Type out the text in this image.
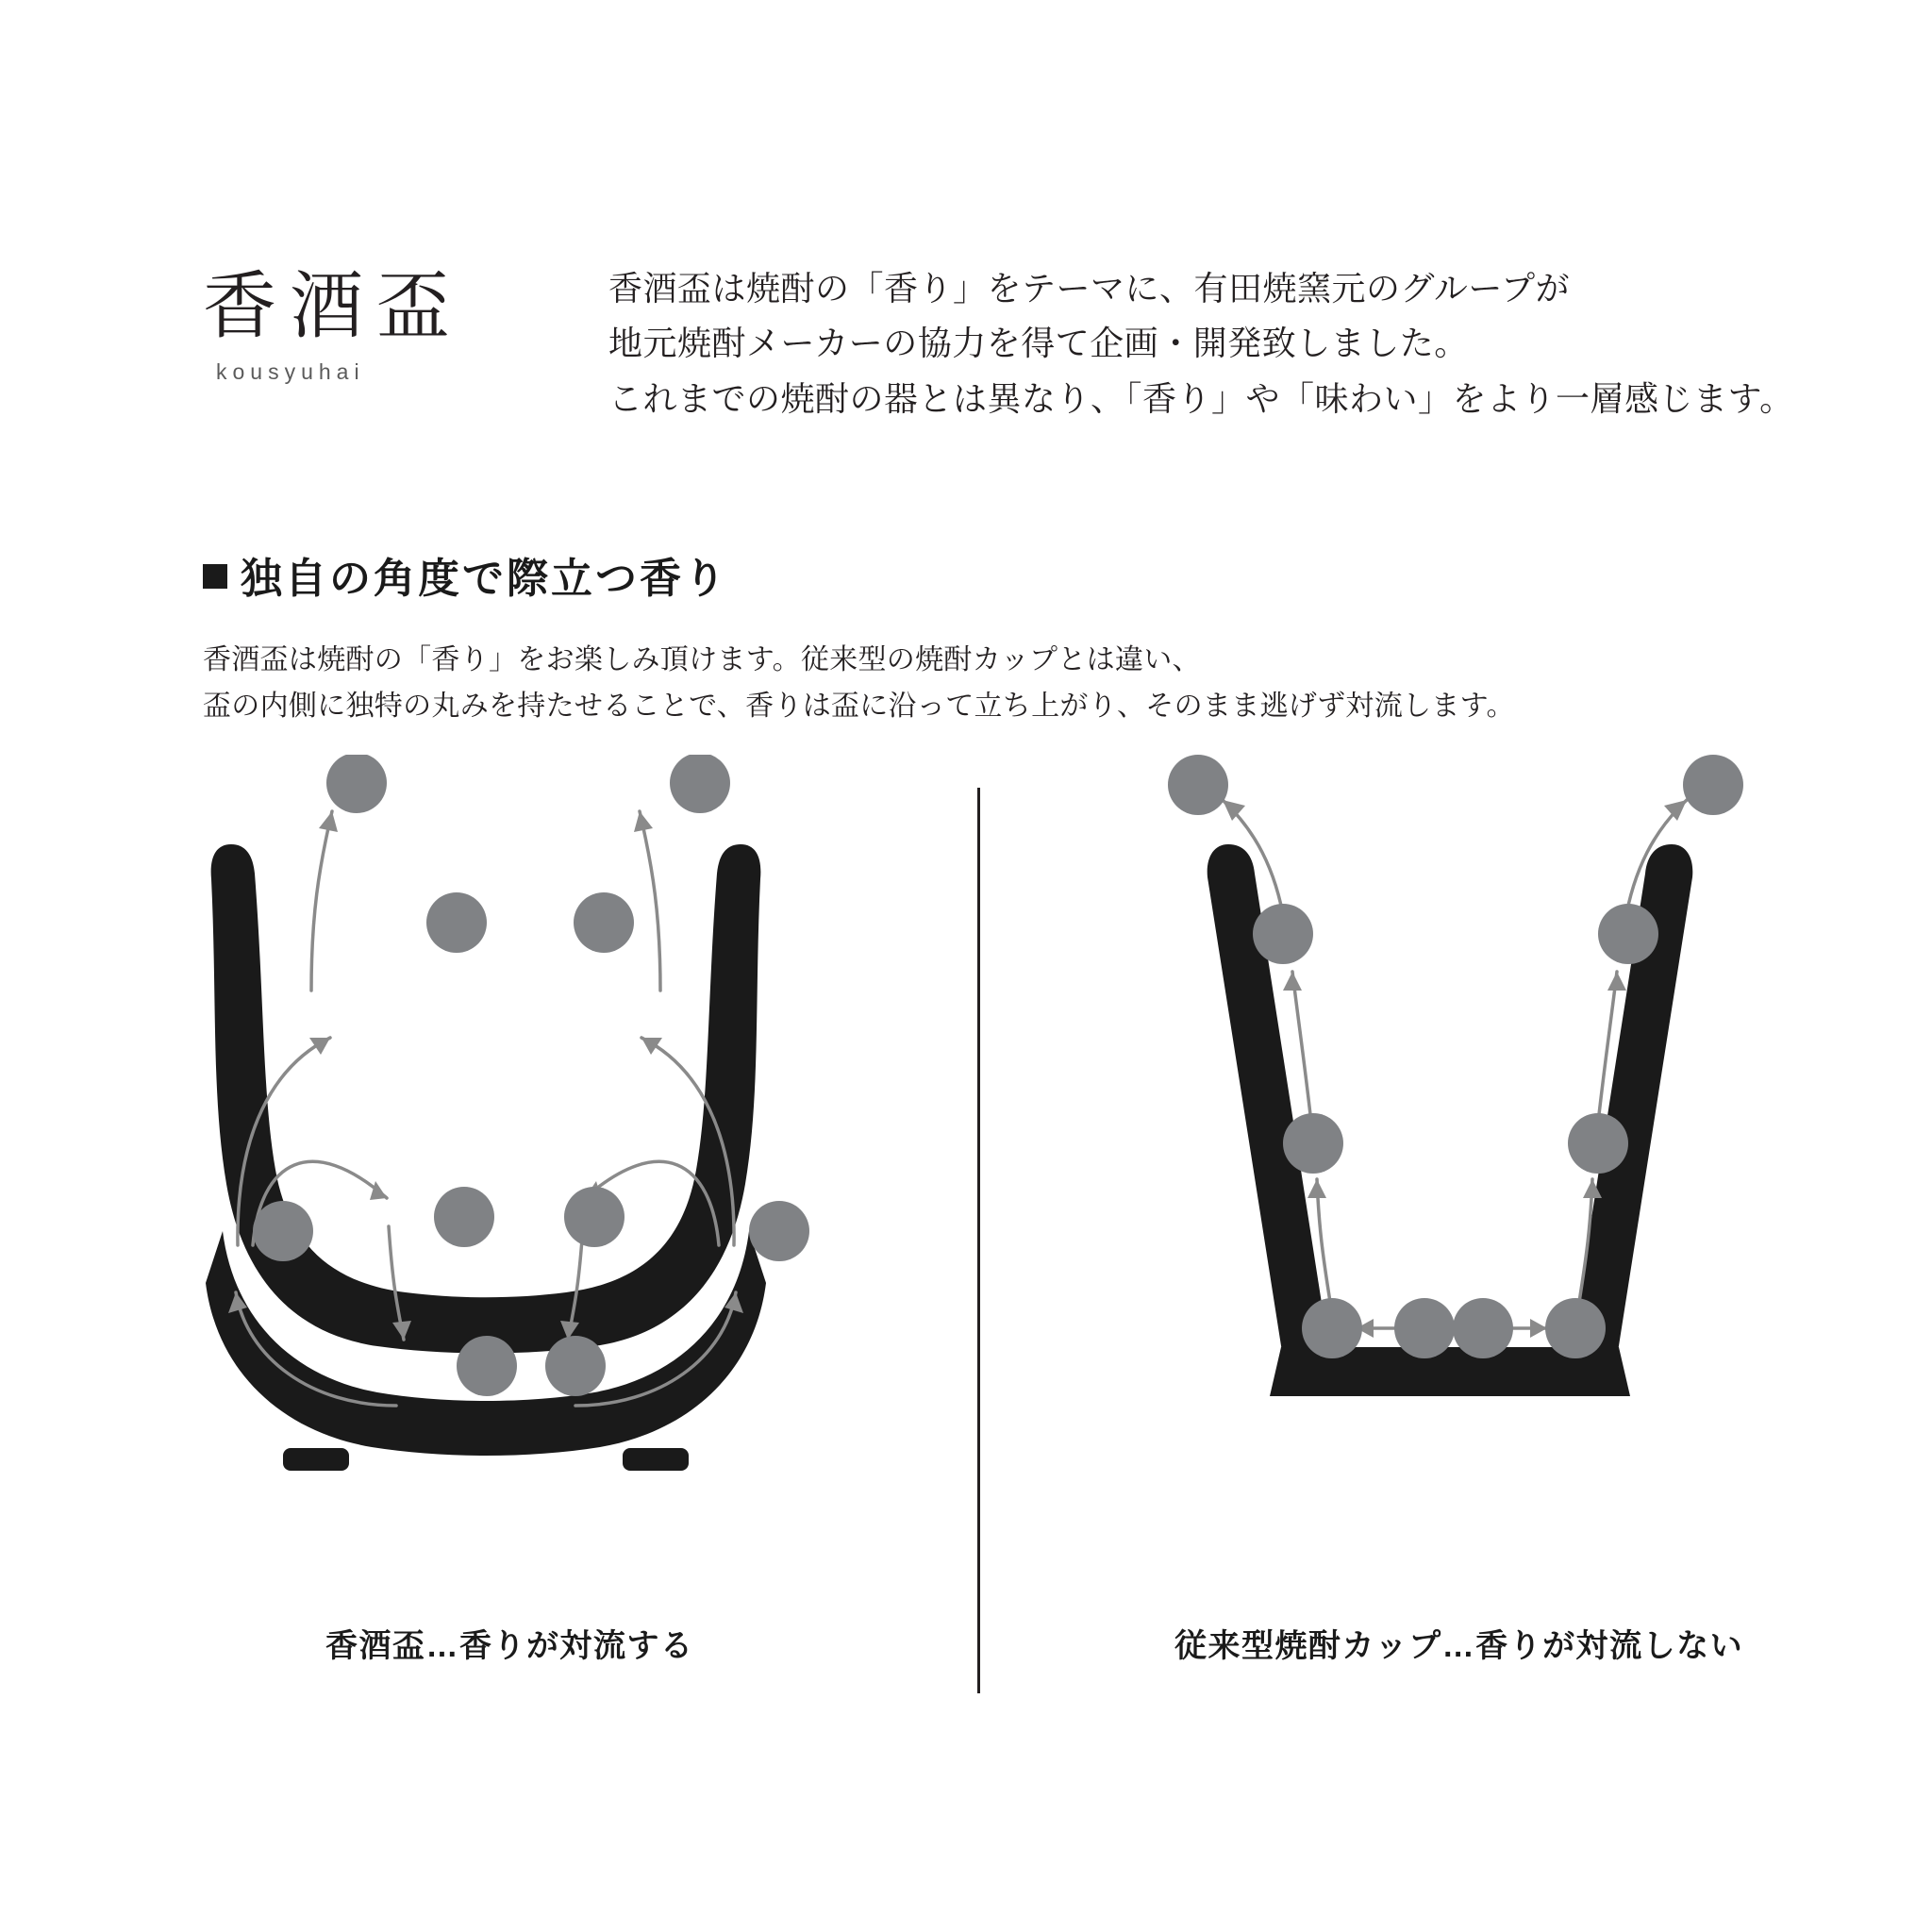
香酒盃
kousyuhai
香酒盃は焼酎の「香り」をテーマに、有田焼窯元のグループが
地元焼酎メーカーの協力を得て企画・開発致しました。
これまでの焼酎の器とは異なり、「香り」や「味わい」をより一層感じます。
独自の角度で際立つ香り
香酒盃は焼酎の「香り」をお楽しみ頂けます。従来型の焼酎カップとは違い、
盃の内側に独特の丸みを持たせることで、香りは盃に沿って立ち上がり、そのまま逃げず対流します。
香酒盃…香りが対流する	従来型焼酎カップ…香りが対流しない
